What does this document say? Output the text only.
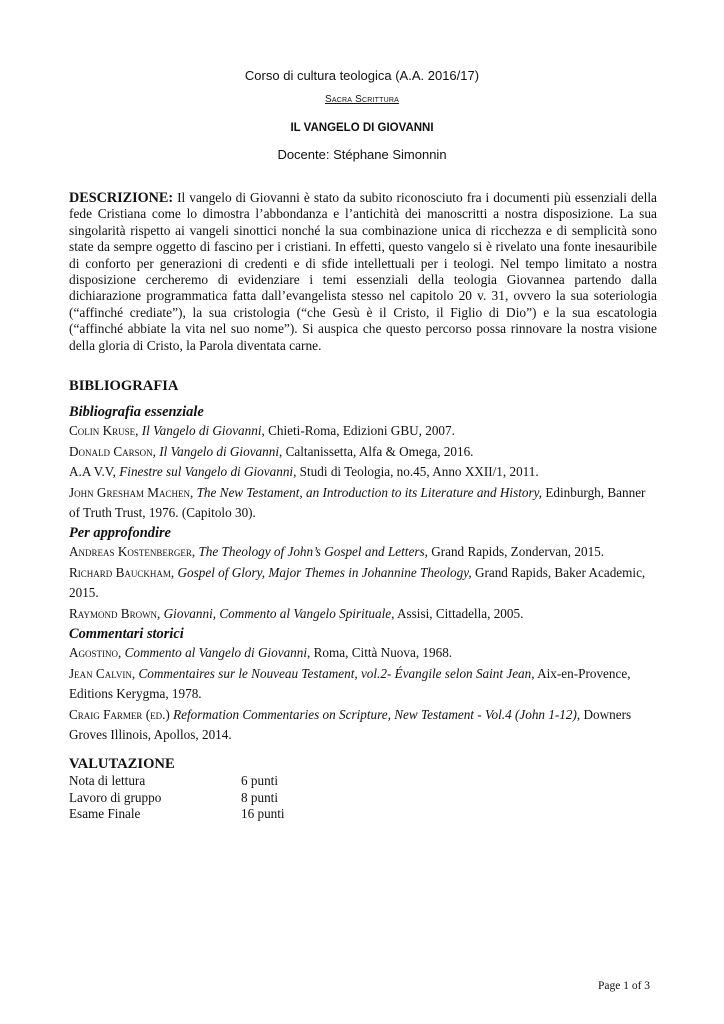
Corso di cultura teologica (A.A. 2016/17)
Sacra Scrittura
IL VANGELO DI GIOVANNI
Docente: Stéphane Simonnin
DESCRIZIONE: Il vangelo di Giovanni è stato da subito riconosciuto fra i documenti più essenziali della fede Cristiana come lo dimostra l’abbondanza e l’antichità dei manoscritti a nostra disposizione. La sua singolarità rispetto ai vangeli sinottici nonché la sua combinazione unica di ricchezza e di semplicità sono state da sempre oggetto di fascino per i cristiani. In effetti, questo vangelo si è rivelato una fonte inesauribile di conforto per generazioni di credenti e di sfide intellettuali per i teologi. Nel tempo limitato a nostra disposizione cercheremo di evidenziare i temi essenziali della teologia Giovannea partendo dalla dichiarazione programmatica fatta dall’evangelista stesso nel capitolo 20 v. 31, ovvero la sua soteriologia (“affinché crediate”), la sua cristologia (“che Gesù è il Cristo, il Figlio di Dio”) e la sua escatologia (“affinché abbiate la vita nel suo nome”). Si auspica che questo percorso possa rinnovare la nostra visione della gloria di Cristo, la Parola diventata carne.
BIBLIOGRAFIA
Bibliografia essenziale
Colin Kruse, Il Vangelo di Giovanni, Chieti-Roma, Edizioni GBU, 2007.
Donald Carson, Il Vangelo di Giovanni, Caltanissetta, Alfa & Omega, 2016.
A.A V.V, Finestre sul Vangelo di Giovanni, Studi di Teologia, no.45, Anno XXII/1, 2011.
John Gresham Machen, The New Testament, an Introduction to its Literature and History, Edinburgh, Banner of Truth Trust, 1976. (Capitolo 30).
Per approfondire
Andreas Kostenberger, The Theology of John’s Gospel and Letters, Grand Rapids, Zondervan, 2015.
Richard Bauckham, Gospel of Glory, Major Themes in Johannine Theology, Grand Rapids, Baker Academic, 2015.
Raymond Brown, Giovanni, Commento al Vangelo Spirituale, Assisi, Cittadella, 2005.
Commentari storici
Agostino, Commento al Vangelo di Giovanni, Roma, Città Nuova, 1968.
Jean Calvin, Commentaires sur le Nouveau Testament, vol.2- Évangile selon Saint Jean, Aix-en-Provence, Editions Kerygma, 1978.
Craig Farmer (ed.) Reformation Commentaries on Scripture, New Testament - Vol.4 (John 1-12), Downers Groves Illinois, Apollos, 2014.
VALUTAZIONE
Nota di lettura	6 punti
Lavoro di gruppo	8 punti
Esame Finale	16 punti
Page 1 of 3
